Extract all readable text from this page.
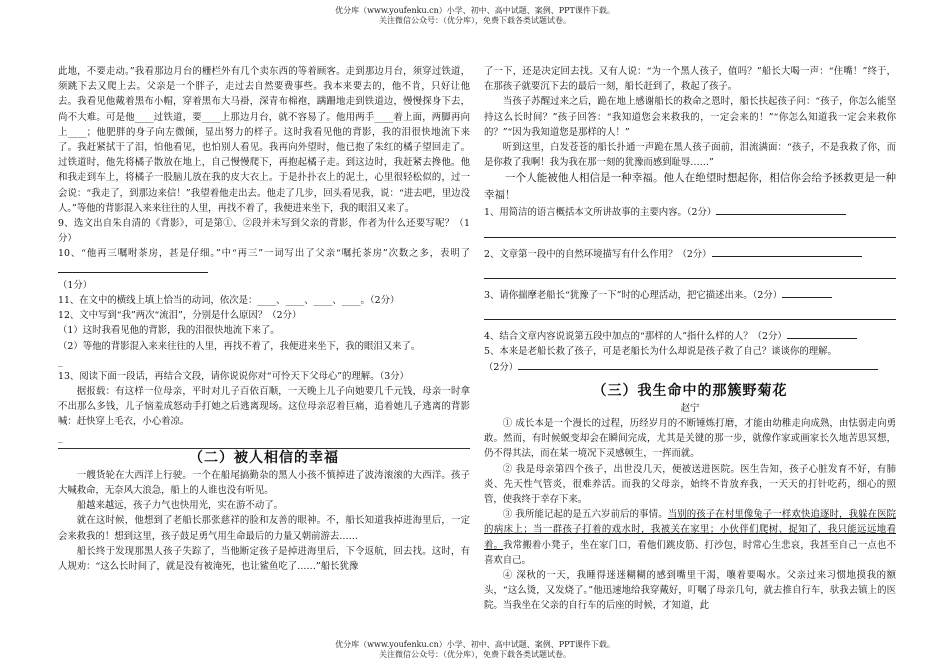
优分库（www.youfenku.cn）小学、初中、高中试题、案例、PPT课件下载。
关注微信公众号：（优分库），免费下载各类试题试卷。

此地，不要走动。”我看那边月台的栅栏外有几个卖东西的等着顾客。走到那边月台，须穿过铁道，须跳下去又爬上去。父亲是一个胖子，走过去自然要费事些。我本来要去的，他不肯，只好让他去。我看见他戴着黑布小帽，穿着黑布大马褂，深青布棉袍，蹒跚地走到铁道边，慢慢探身下去，尚不大难。可是他____过铁道，要____上那边月台，就不容易了。他用两手____着上面，两脚再向上____；他肥胖的身子向左微倾，显出努力的样子。这时我看见他的背影，我的泪很快地流下来了。我赶紧拭干了泪，怕他看见，也怕别人看见。我再向外望时，他已抱了朱红的橘子望回走了。过铁道时，他先将橘子散放在地上，自己慢慢爬下，再抱起橘子走。到这边时，我赶紧去搀他。他和我走到车上，将橘子一股脑儿放在我的皮大衣上。于是扑扑衣上的泥土，心里很轻松似的，过一会说：“我走了，到那边来信！”我望着他走出去。他走了几步，回头看见我，说：“进去吧，里边没人。”等他的背影混入来来往往的人里，再找不着了，我便进来坐下，我的眼泪又来了。

9、选文出自朱自清的《背影》，可是第①、②段并未写到父亲的背影，作者为什么还要写呢？（1分）

10、“他再三嘱咐茶房，甚是仔细。”中“再三”一词写出了父亲“嘱托茶房”次数之多，表明了

（1分）

11、在文中的横线上填上恰当的动词，依次是：____、____、____、____。（2分）

12、文中写到“我”两次“流泪”，分别是什么原因？（2分）

（1）这时我看见他的背影，我的泪很快地流下来了。

（2）等他的背影混入来来往往的人里，再找不着了，我便进来坐下，我的眼泪又来了。

_

13、阅读下面一段话，再结合文段，请你说说你对“可怜天下父母心”的理解。（3分）

据报载：有这样一位母亲，平时对儿子百依百顺，一天晚上儿子向她要几千元钱，母亲一时拿不出那么多钱，儿子恼羞成怒动手打她之后逃离现场。这位母亲忍着巨痛，追着她儿子逃离的背影喊：赶快穿上毛衣，小心着凉。

_
（二）被人相信的幸福

一艘货轮在大西洋上行驶。一个在船尾搞勤杂的黑人小孩不慎掉进了波涛滚滚的大西洋。孩子大喊救命，无奈风大浪急，船上的人谁也没有听见。

船越来越远，孩子力气也快用光，实在游不动了。

就在这时候，他想到了老船长那张慈祥的脸和友善的眼神。不，船长知道我掉进海里后，一定会来救我的！想到这里，孩子鼓足勇气用生命最后的力量又朝前游去……

船长终于发现那黑人孩子失踪了，当他断定孩子是掉进海里后，下令返航，回去找。这时，有人规劝：“这么长时间了，就是没有被淹死，也让鲨鱼吃了……”船长犹豫

了一下，还是决定回去找。又有人说：“为一个黑人孩子，值吗？”船长大喝一声：“住嘴！”终于，在那孩子就要沉下去的最后一刻，船长赶到了，救起了孩子。

当孩子苏醒过来之后，跪在地上感谢船长的救命之恩时，船长扶起孩子问：“孩子，你怎么能坚持这么长时间？”孩子回答：“我知道您会来救我的，一定会来的！”“你怎么知道我一定会来救你的？”“因为我知道您是那样的人！”

听到这里，白发苍苍的船长扑通一声跪在黑人孩子面前，泪流满面：“孩子，不是我救了你，而是你救了我啊！我为我在那一刻的犹豫而感到耻辱……”

一个人能被他人相信是一种幸福。他人在绝望时想起你，相信你会给予拯救更是一种幸福！

1、用简洁的语言概括本文所讲故事的主要内容。（2分）

2、文章第一段中的自然环境描写有什么作用？（2分）

3、请你揣摩老船长“犹豫了一下”时的心理活动，把它描述出来。（2分）

4、结合文章内容说说第五段中加点的“那样的人”指什么样的人？（2分）

5、本来是老船长救了孩子，可是老船长为什么却说是孩子救了自己？谈谈你的理解。

（2分）

（三）我生命中的那簇野菊花
赵宁

① 成长本是一个漫长的过程，历经岁月的不断锤炼打磨，才能由幼稚走向成熟，由怯弱走向勇敢。然而，有时候蜕变却会在瞬间完成，尤其是关键的那一步，就像作家或画家长久地苦思冥想，仍不得其法，而在某一境况下灵感顿生，一挥而就。

② 我是母亲第四个孩子，出世没几天，便被送进医院。医生告知，孩子心脏发育不好，有肺炎、先天性气管炎，很难养活。而我的父母亲，始终不肯放弃我，一天天的打针吃药，细心的照管，使我终于幸存下来。

③ 我所能记起的是五六岁前后的事情。当别的孩子在村里像兔子一样欢快追逐时，我躲在医院的病床上；当一群孩子打着的戏水时，我被关在家里；小伙伴们爬树、捉知了，我只能远远地看着。我常搬着小凳子，坐在家门口，看他们跳皮筋、打沙包，时常心生悲哀，我甚至自己一点也不喜欢自己。

④ 深秋的一天，我睡得迷迷糊糊的感到嘴里干渴，嚷着要喝水。父亲过来习惯地摸我的额头，“这么烫，又发烧了。”他迅速地给我穿戴好，叮嘱了母亲几句，就去推自行车，驮我去镇上的医院。当我坐在父亲的自行车的后座的时候，才知道，此

优分库（www.youfenku.cn）小学、初中、高中试题、案例、PPT课件下载。
关注微信公众号：（优分库），免费下载各类试题试卷。
